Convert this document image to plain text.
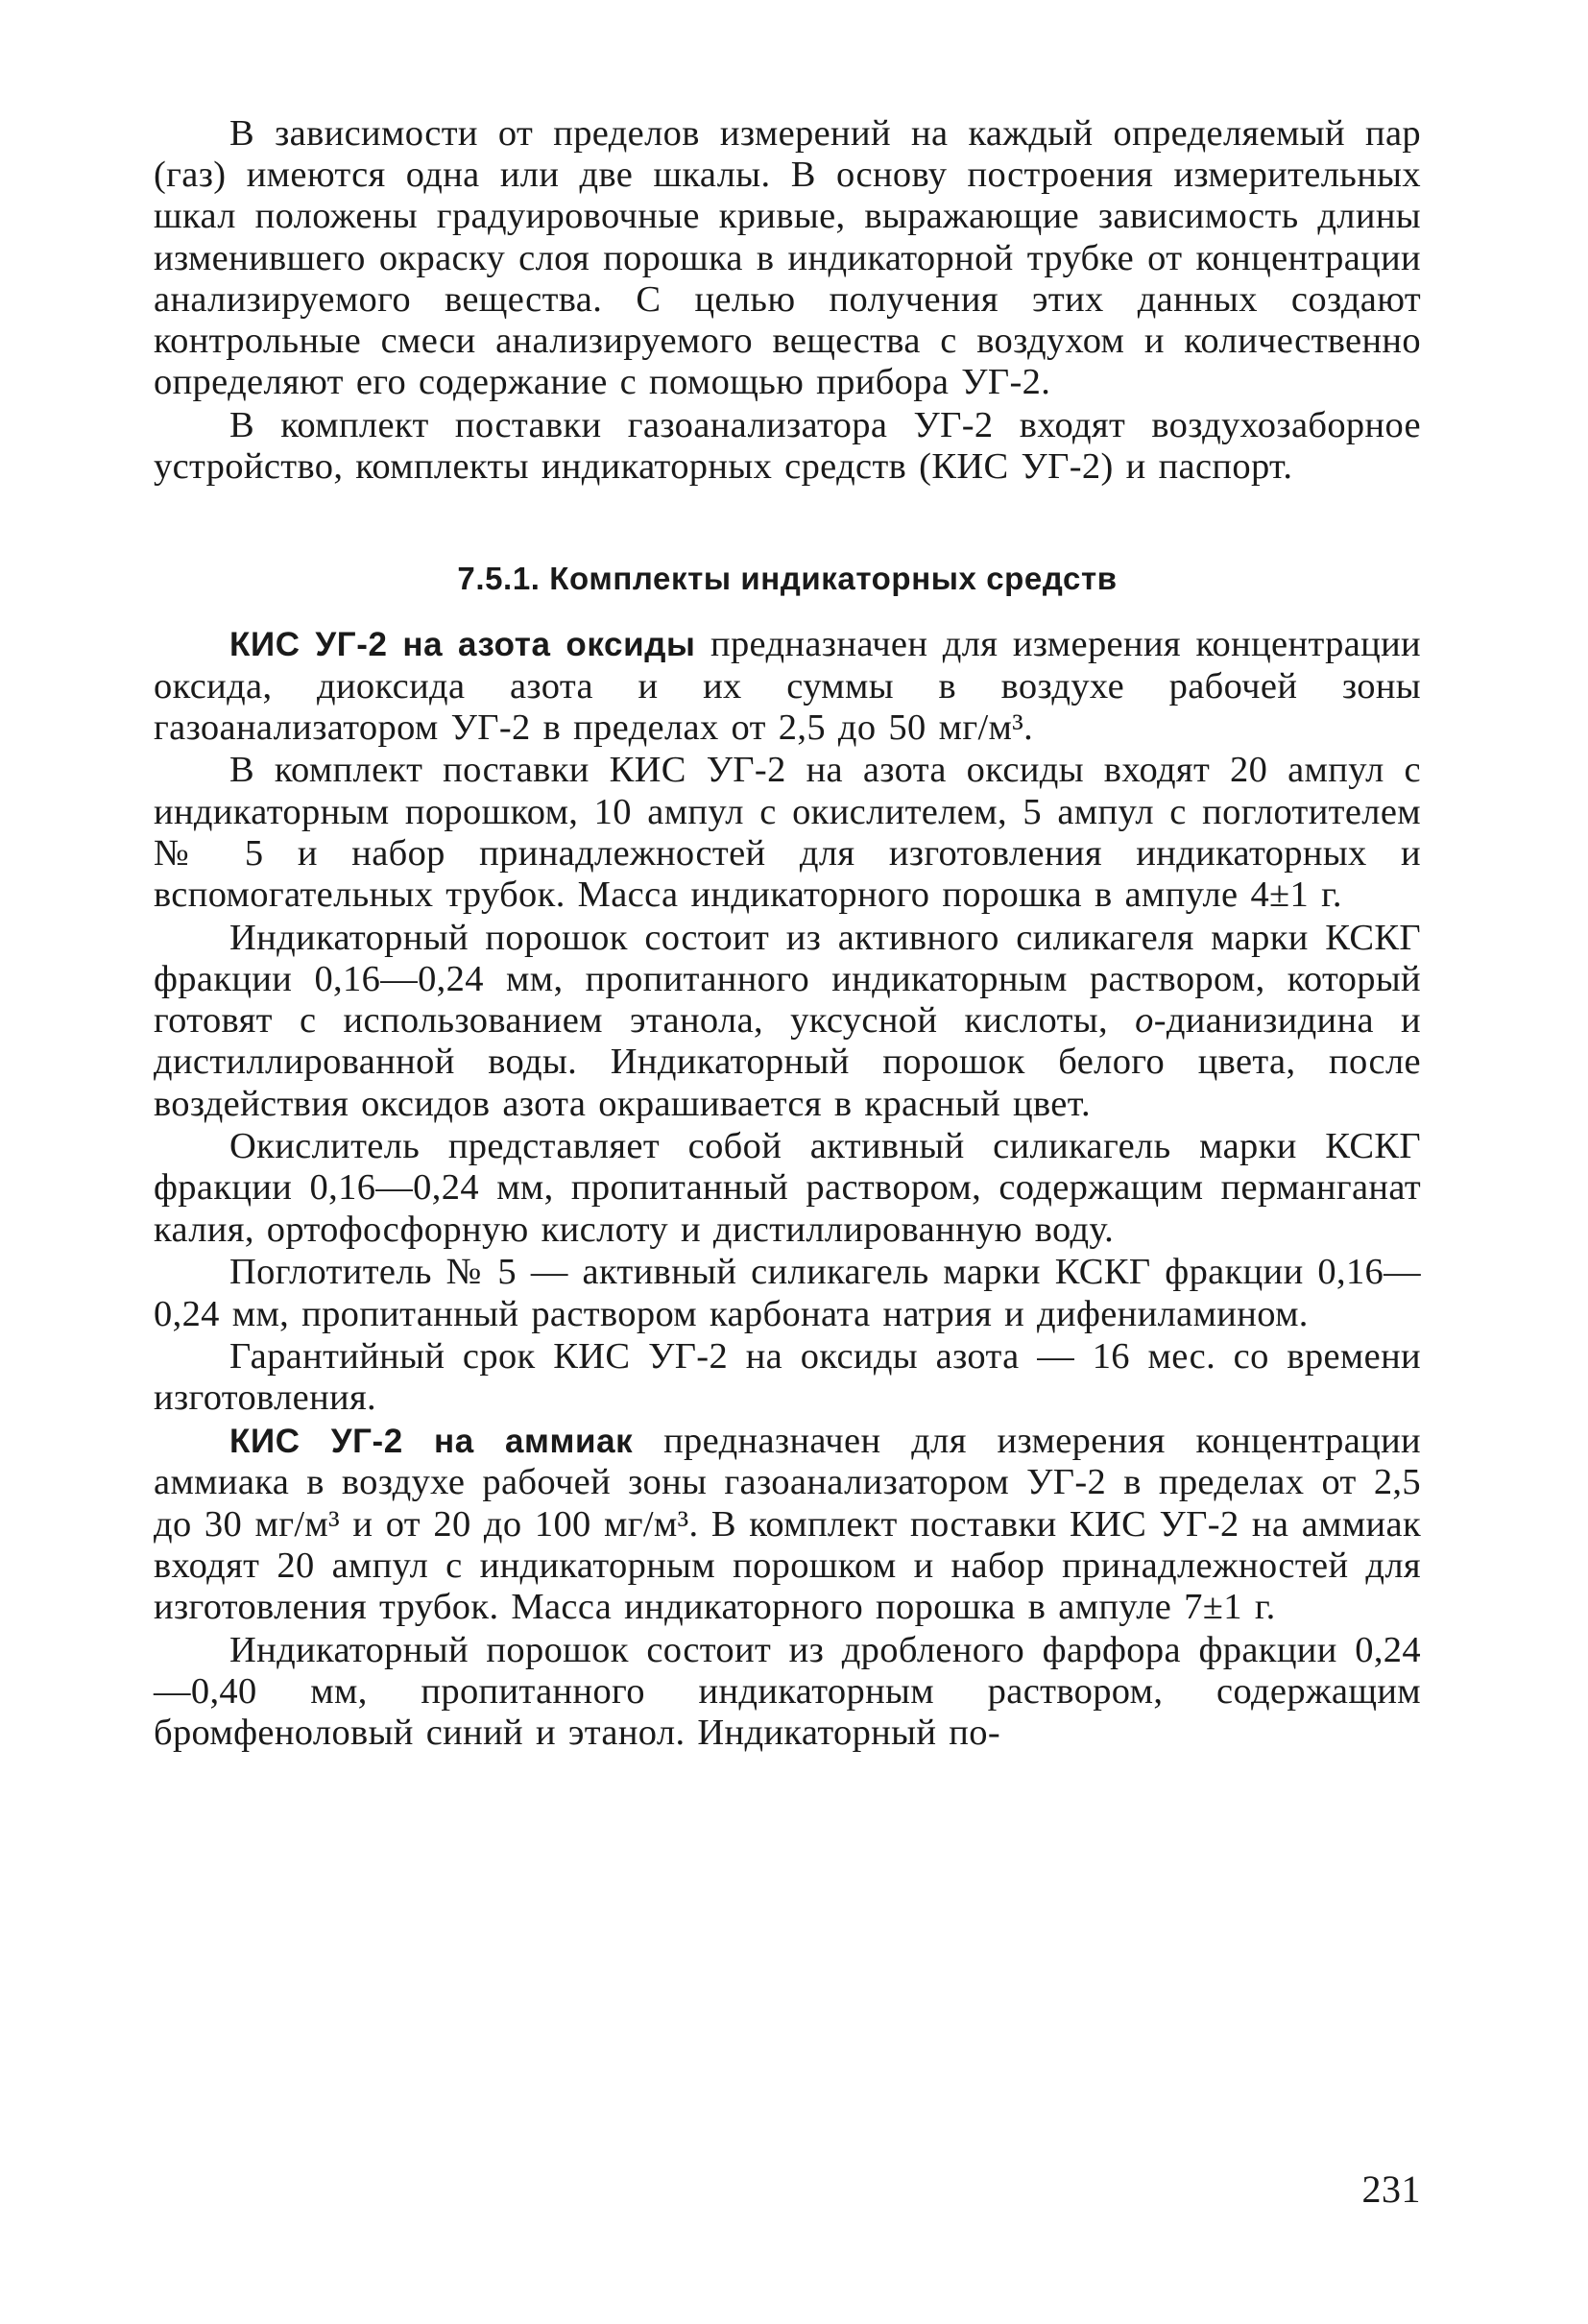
В зависимости от пределов измерений на каждый определяемый пар (газ) имеются одна или две шкалы. В основу построения измерительных шкал положены градуировочные кривые, выражающие зависимость длины изменившего окраску слоя порошка в индикаторной трубке от концентрации анализируемого вещества. С целью получения этих данных создают контрольные смеси анализируемого вещества с воздухом и количественно определяют его содержание с помощью прибора УГ-2.

В комплект поставки газоанализатора УГ-2 входят воздухозаборное устройство, комплекты индикаторных средств (КИС УГ-2) и паспорт.

7.5.1. Комплекты индикаторных средств

КИС УГ-2 на азота оксиды предназначен для измерения концентрации оксида, диоксида азота и их суммы в воздухе рабочей зоны газоанализатором УГ-2 в пределах от 2,5 до 50 мг/м³.

В комплект поставки КИС УГ-2 на азота оксиды входят 20 ампул с индикаторным порошком, 10 ампул с окислителем, 5 ампул с поглотителем № 5 и набор принадлежностей для изготовления индикаторных и вспомогательных трубок. Масса индикаторного порошка в ампуле 4±1 г.

Индикаторный порошок состоит из активного силикагеля марки КСКГ фракции 0,16—0,24 мм, пропитанного индикаторным раствором, который готовят с использованием этанола, уксусной кислоты, о-дианизидина и дистиллированной воды. Индикаторный порошок белого цвета, после воздействия оксидов азота окрашивается в красный цвет.

Окислитель представляет собой активный силикагель марки КСКГ фракции 0,16—0,24 мм, пропитанный раствором, содержащим перманганат калия, ортофосфорную кислоту и дистиллированную воду.

Поглотитель № 5 — активный силикагель марки КСКГ фракции 0,16—0,24 мм, пропитанный раствором карбоната натрия и дифениламином.

Гарантийный срок КИС УГ-2 на оксиды азота — 16 мес. со времени изготовления.

КИС УГ-2 на аммиак предназначен для измерения концентрации аммиака в воздухе рабочей зоны газоанализатором УГ-2 в пределах от 2,5 до 30 мг/м³ и от 20 до 100 мг/м³. В комплект поставки КИС УГ-2 на аммиак входят 20 ампул с индикаторным порошком и набор принадлежностей для изготовления трубок. Масса индикаторного порошка в ампуле 7±1 г.

Индикаторный порошок состоит из дробленого фарфора фракции 0,24—0,40 мм, пропитанного индикаторным раствором, содержащим бромфеноловый синий и этанол. Индикаторный по-

231
